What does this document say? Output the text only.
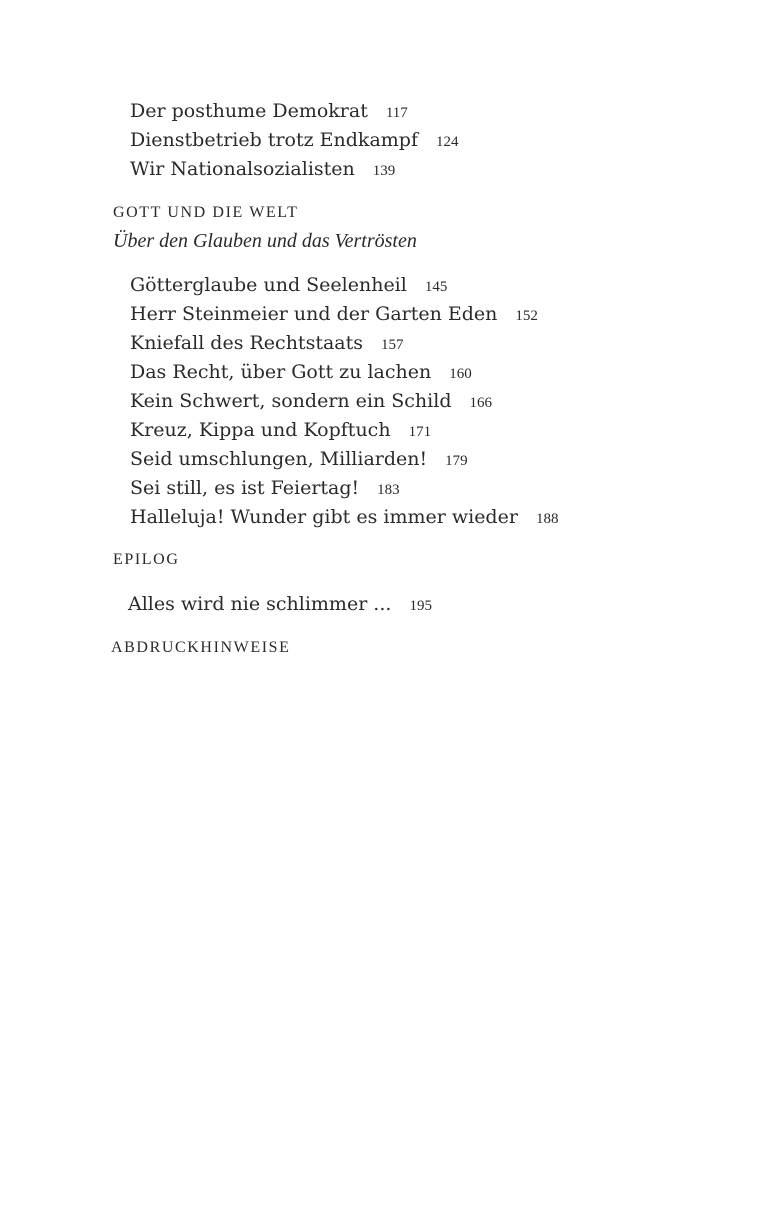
Der posthume Demokrat 117
Dienstbetrieb trotz Endkampf 124
Wir Nationalsozialisten 139
GOTT UND DIE WELT
Über den Glauben und das Vertrösten
Götterglaube und Seelenheil 145
Herr Steinmeier und der Garten Eden 152
Kniefall des Rechtstaats 157
Das Recht, über Gott zu lachen 160
Kein Schwert, sondern ein Schild 166
Kreuz, Kippa und Kopftuch 171
Seid umschlungen, Milliarden! 179
Sei still, es ist Feiertag! 183
Halleluja! Wunder gibt es immer wieder 188
EPILOG
Alles wird nie schlimmer ... 195
ABDRUCKHINWEISE
